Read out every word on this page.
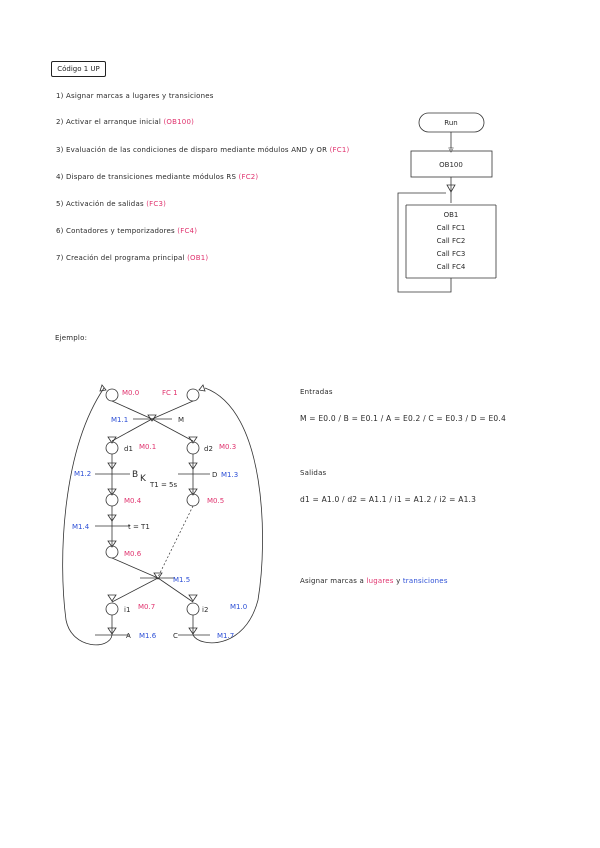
Código 1 UP
1) Asignar marcas a lugares y transiciones
2) Activar el arranque inicial (OB100)
3) Evaluación de las condiciones de disparo mediante módulos AND y OR (FC1)
4) Disparo de transiciones mediante módulos RS (FC2)
5) Activación de salidas (FC3)
6) Contadores y temporizadores (FC4)
7) Creación del programa principal (OB1)
Ejemplo:
Entradas
M = E0.0 / B = E0.1 / A = E0.2 / C = E0.3 / D = E0.4
Salidas
d1 = A1.0 / d2 = A1.1 / i1 = A1.2 / i2 = A1.3
Asignar marcas a lugares y transiciones
Run
OB100
OB1
Call FC1
Call FC2
Call FC3
Call FC4
M0.0	FC 1
M1.1	M
d1 M0.1	d2 M0.3
M1.2	B K
T1 = 5s
D M1.3
M0.4	M0.5
M1.4	t = T1
M0.6
M1.5
i1 M0.7	i2	M1.0
A M1.6 C	M1.7
